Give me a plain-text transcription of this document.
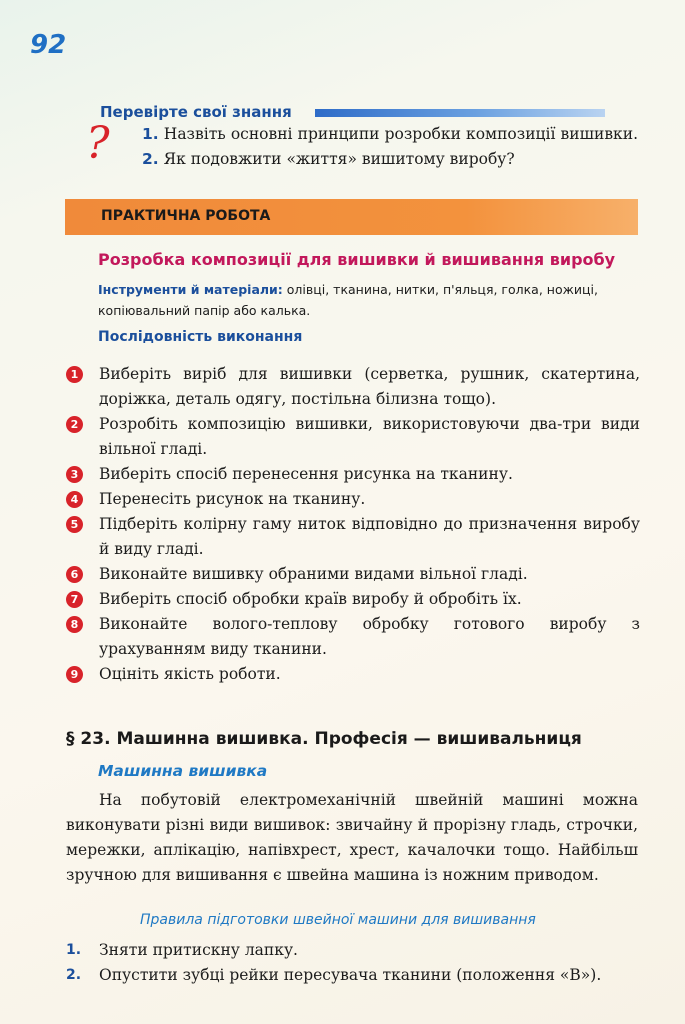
92
Перевірте свої знання
? 1. Назвіть основні принципи розробки композиції вишивки. 2. Як подовжити «життя» вишитому виробу?
ПРАКТИЧНА РОБОТА
Розробка композиції для вишивки й вишивання виробу
Інструменти й матеріали: олівці, тканина, нитки, п'яльця, голка, ножиці, копіювальний папір або калька.
Послідовність виконання
1	Виберіть виріб для вишивки (серветка, рушник, скатертина, доріжка, деталь одягу, постільна білизна тощо).
2	Розробіть композицію вишивки, використовуючи два-три види вільної гладі.
3	Виберіть спосіб перенесення рисунка на тканину.
4	Перенесіть рисунок на тканину.
5	Підберіть колірну гаму ниток відповідно до призначення виробу й виду гладі.
6	Виконайте вишивку обраними видами вільної гладі.
7	Виберіть спосіб обробки країв виробу й обробіть їх.
8	Виконайте волого-теплову обробку готового виробу з урахуванням виду тканини.
9	Оцініть якість роботи.
§ 23. Машинна вишивка. Професія — вишивальниця
Машинна вишивка
На побутовій електромеханічній швейній машині можна виконувати різні види вишивок: звичайну й прорізну гладь, строчки, мережки, аплікацію, напівхрест, хрест, качалочки тощо. Найбільш зручною для вишивання є швейна машина із ножним приводом.
Правила підготовки швейної машини для вишивання
1. Зняти притискну лапку.
2. Опустити зубці рейки пересувача тканини (положення «В»).
